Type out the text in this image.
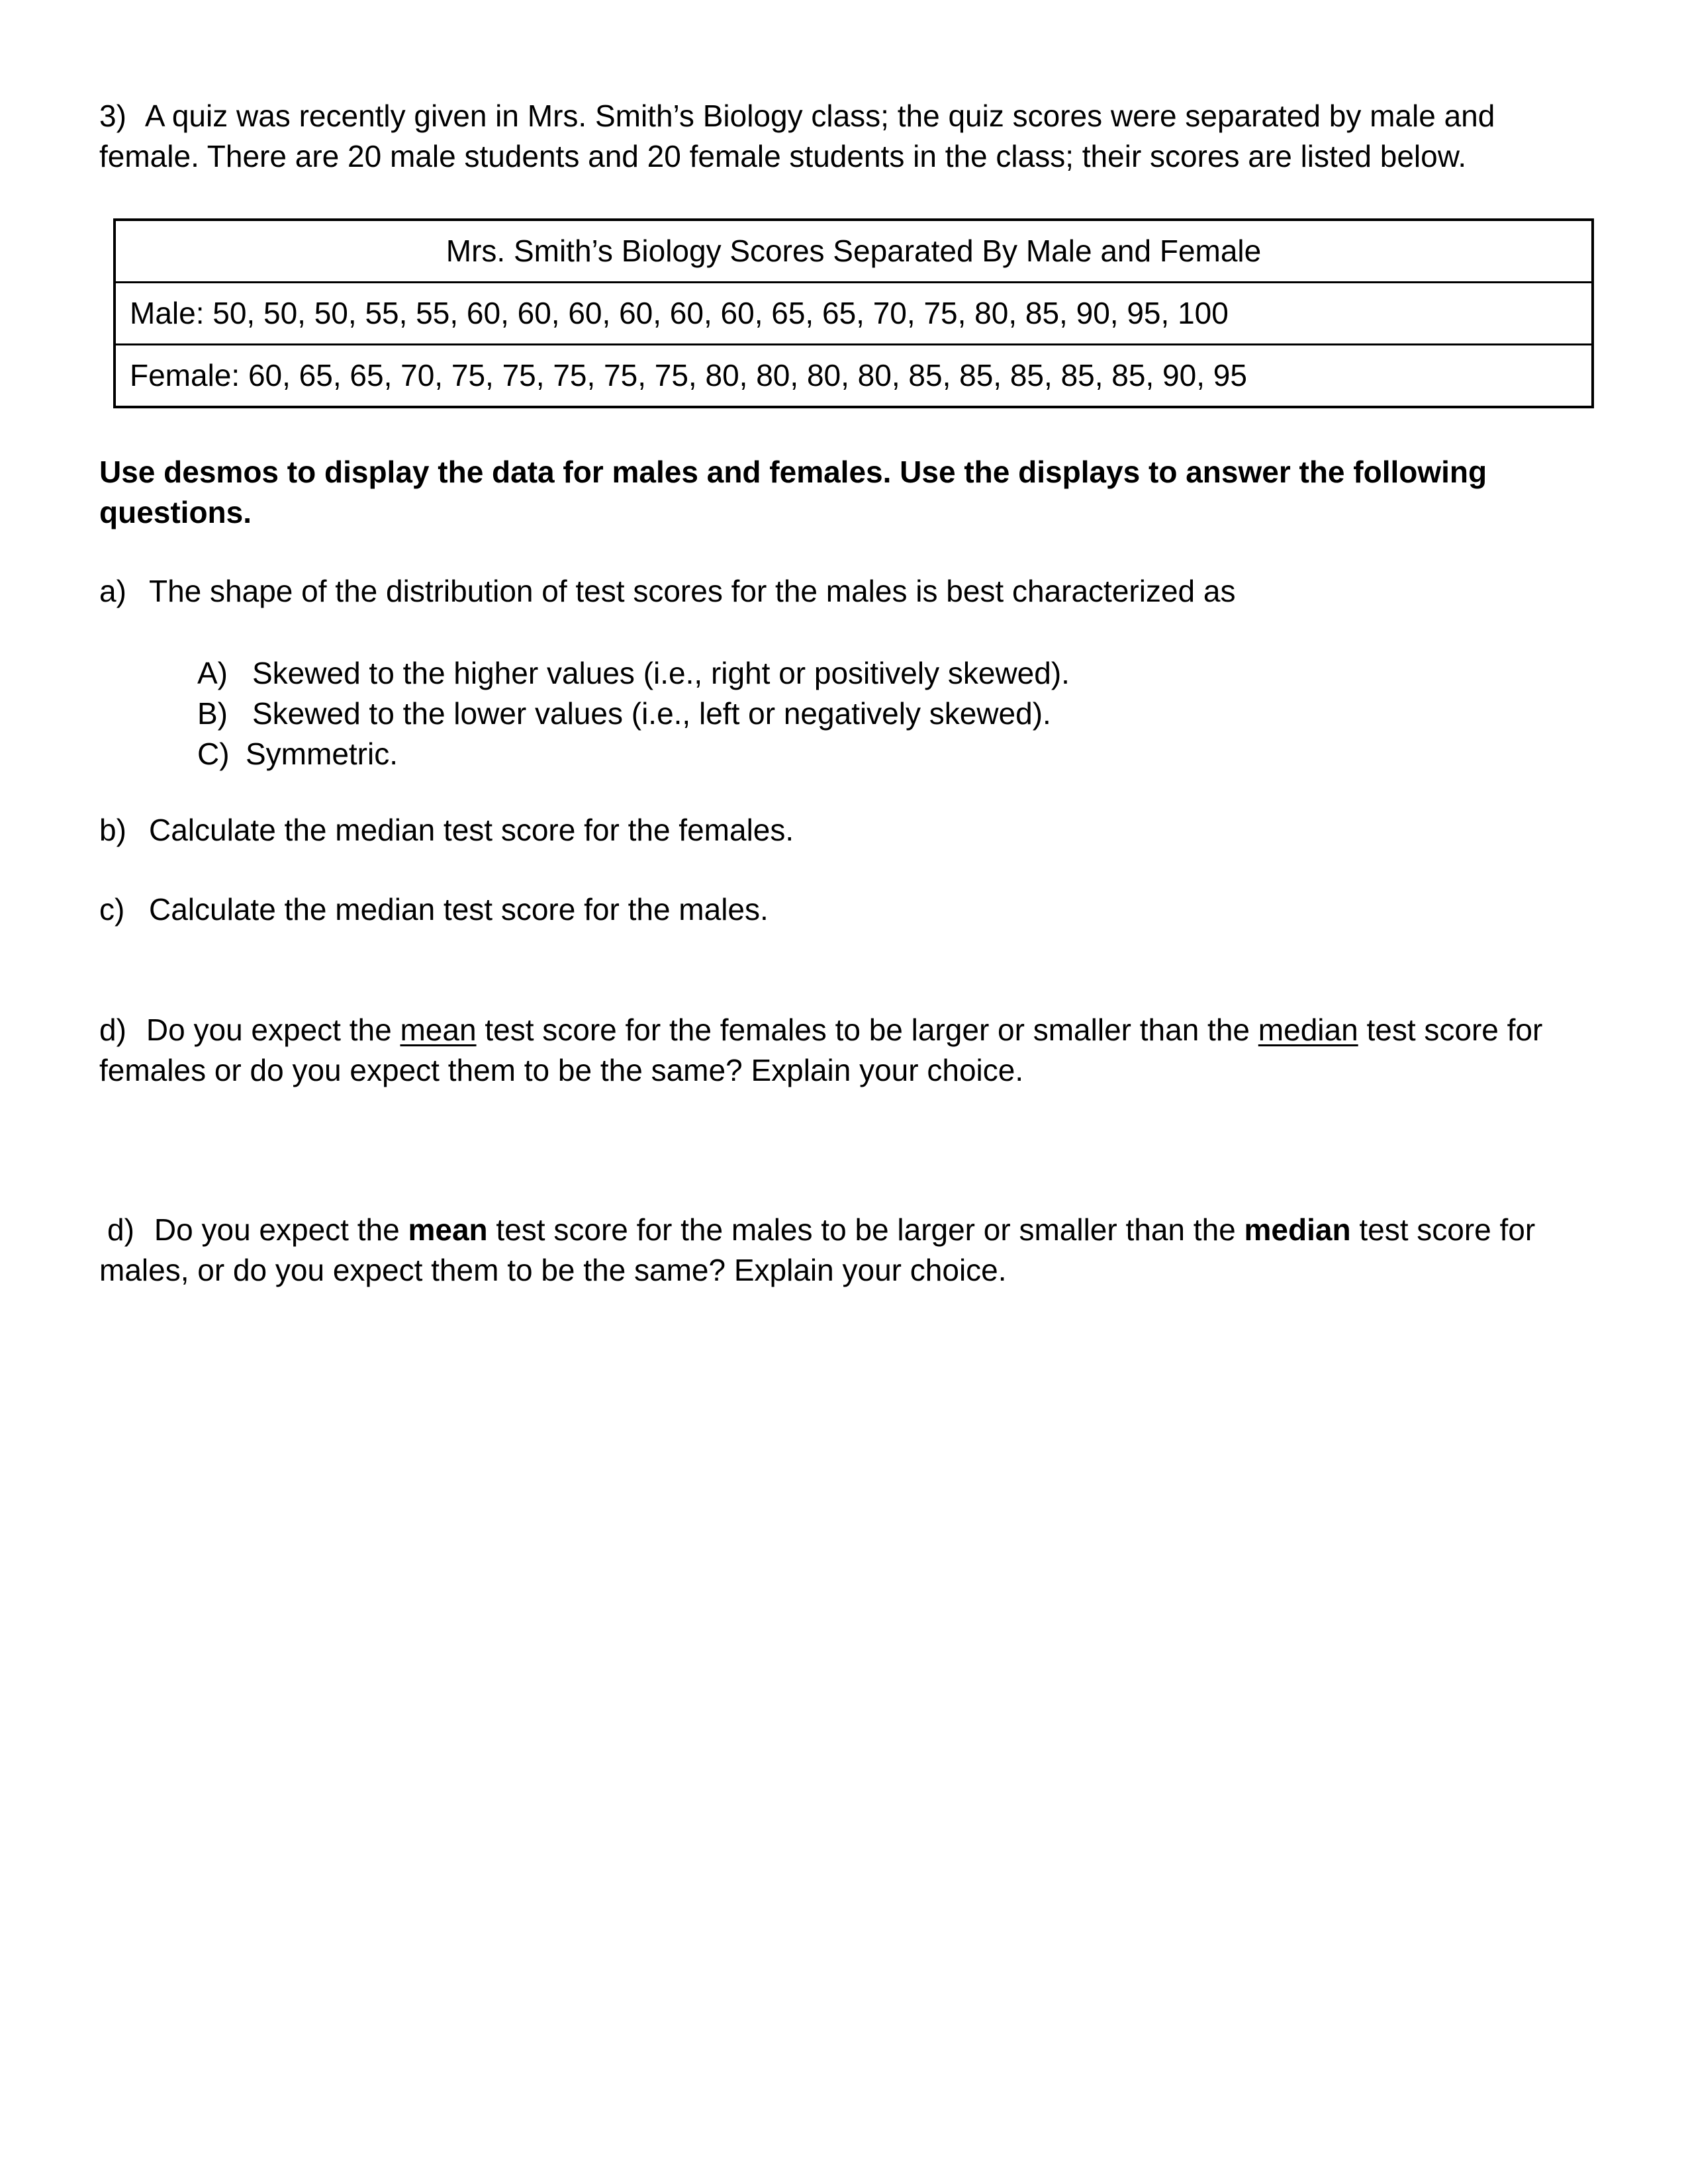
3) A quiz was recently given in Mrs. Smith’s Biology class; the quiz scores were separated by male and
female. There are 20 male students and 20 female students in the class; their scores are listed below.
Mrs. Smith’s Biology Scores Separated By Male and Female
Male: 50, 50, 50, 55, 55, 60, 60, 60, 60, 60, 60, 65, 65, 70, 75, 80, 85, 90, 95, 100
Female: 60, 65, 65, 70, 75, 75, 75, 75, 75, 80, 80, 80, 80, 85, 85, 85, 85, 85, 90, 95
Use desmos to display the data for males and females. Use the displays to answer the following
questions.
a) The shape of the distribution of test scores for the males is best characterized as
A) Skewed to the higher values (i.e., right or positively skewed).
B) Skewed to the lower values (i.e., left or negatively skewed).
C) Symmetric.
b) Calculate the median test score for the females.
c) Calculate the median test score for the males.
d) Do you expect the mean test score for the females to be larger or smaller than the median test score for
females or do you expect them to be the same? Explain your choice.
d) Do you expect the mean test score for the males to be larger or smaller than the median test score for
males, or do you expect them to be the same? Explain your choice.
